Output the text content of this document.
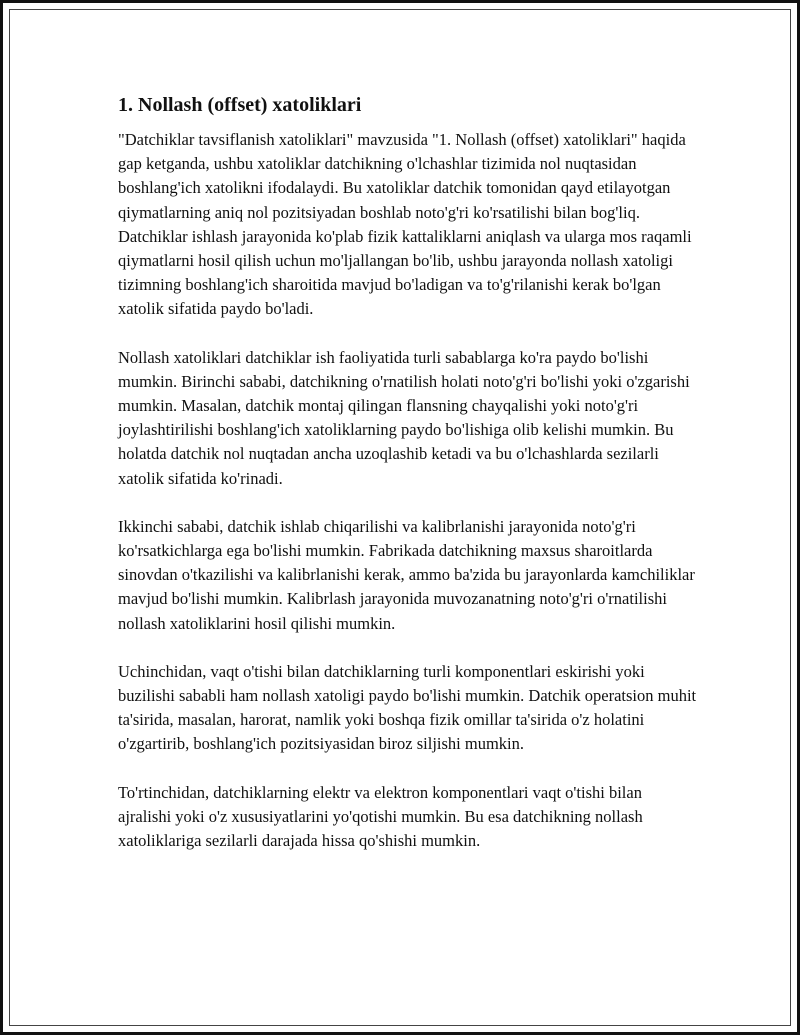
1. Nollash (offset) xatoliklari

"Datchiklar tavsiflanish xatoliklari" mavzusida "1. Nollash (offset) xatoliklari" haqida gap ketganda, ushbu xatoliklar datchikning o'lchashlar tizimida nol nuqtasidan boshlang'ich xatolikni ifodalaydi. Bu xatoliklar datchik tomonidan qayd etilayotgan qiymatlarning aniq nol pozitsiyadan boshlab noto'g'ri ko'rsatilishi bilan bog'liq. Datchiklar ishlash jarayonida ko'plab fizik kattaliklarni aniqlash va ularga mos raqamli qiymatlarni hosil qilish uchun mo'ljallangan bo'lib, ushbu jarayonda nollash xatoligi tizimning boshlang'ich sharoitida mavjud bo'ladigan va to'g'rilanishi kerak bo'lgan xatolik sifatida paydo bo'ladi.

Nollash xatoliklari datchiklar ish faoliyatida turli sabablarga ko'ra paydo bo'lishi mumkin. Birinchi sababi, datchikning o'rnatilish holati noto'g'ri bo'lishi yoki o'zgarishi mumkin. Masalan, datchik montaj qilingan flansning chayqalishi yoki noto'g'ri joylashtirilishi boshlang'ich xatoliklarning paydo bo'lishiga olib kelishi mumkin. Bu holatda datchik nol nuqtadan ancha uzoqlashib ketadi va bu o'lchashlarda sezilarli xatolik sifatida ko'rinadi.

Ikkinchi sababi, datchik ishlab chiqarilishi va kalibrlanishi jarayonida noto'g'ri ko'rsatkichlarga ega bo'lishi mumkin. Fabrikada datchikning maxsus sharoitlarda sinovdan o'tkazilishi va kalibrlanishi kerak, ammo ba'zida bu jarayonlarda kamchiliklar mavjud bo'lishi mumkin. Kalibrlash jarayonida muvozanatning noto'g'ri o'rnatilishi nollash xatoliklarini hosil qilishi mumkin.

Uchinchidan, vaqt o'tishi bilan datchiklarning turli komponentlari eskirishi yoki buzilishi sababli ham nollash xatoligi paydo bo'lishi mumkin. Datchik operatsion muhit ta'sirida, masalan, harorat, namlik yoki boshqa fizik omillar ta'sirida o'z holatini o'zgartirib, boshlang'ich pozitsiyasidan biroz siljishi mumkin.

To'rtinchidan, datchiklarning elektr va elektron komponentlari vaqt o'tishi bilan ajralishi yoki o'z xususiyatlarini yo'qotishi mumkin. Bu esa datchikning nollash xatoliklariga sezilarli darajada hissa qo'shishi mumkin.
